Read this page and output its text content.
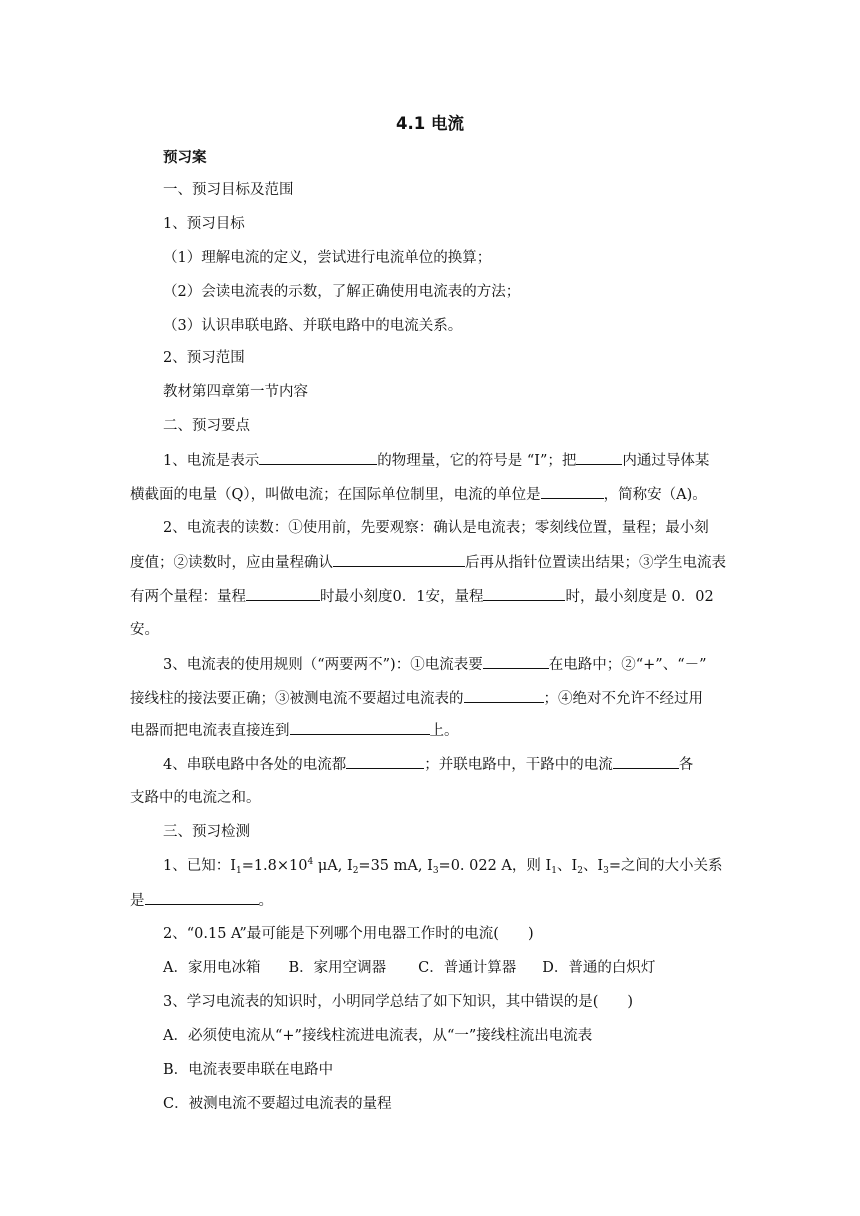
4.1 电流
预习案
一、预习目标及范围
1、预习目标
（1）理解电流的定义，尝试进行电流单位的换算；
（2）会读电流表的示数，了解正确使用电流表的方法；
（3）认识串联电路、并联电路中的电流关系。
2、预习范围
教材第四章第一节内容
二、预习要点
1、电流是表示	的物理量，它的符号是 “I”；把	内通过导体某
横截面的电量（Q），叫做电流；在国际单位制里，电流的单位是	，简称安（A)。
2、电流表的读数：①使用前，先要观察：确认是电流表；零刻线位置，量程；最小刻
度值；②读数时，应由量程确认	后再从指针位置读出结果；③学生电流表
有两个量程：量程	时最小刻度0．1安，量程	时，最小刻度是 0．02
安。
3、电流表的使用规则（“两要两不”)：①电流表要	在电路中；②“+”、“－”
接线柱的接法要正确；③被测电流不要超过电流表的	；④绝对不允许不经过用
电器而把电流表直接连到	上。
4、串联电路中各处的电流都	；并联电路中，干路中的电流	各
支路中的电流之和。
三、预习检测
1、已知：$I_1=1.8\times 10^4$ μA, $I_2=35$ mA, $I_3=0$. 022 A，则 $I_1$、$I_2$、$I_3=$之间的大小关系
是	。
2、“0.15 A”最可能是下列哪个用电器工作时的电流(　　)
A．家用电冰箱 B．家用空调器 C．普通计算器 D．普通的白炽灯
3、学习电流表的知识时，小明同学总结了如下知识，其中错误的是(　　)
A．必须使电流从“+”接线柱流进电流表，从“一”接线柱流出电流表
B．电流表要串联在电路中
C．被测电流不要超过电流表的量程
